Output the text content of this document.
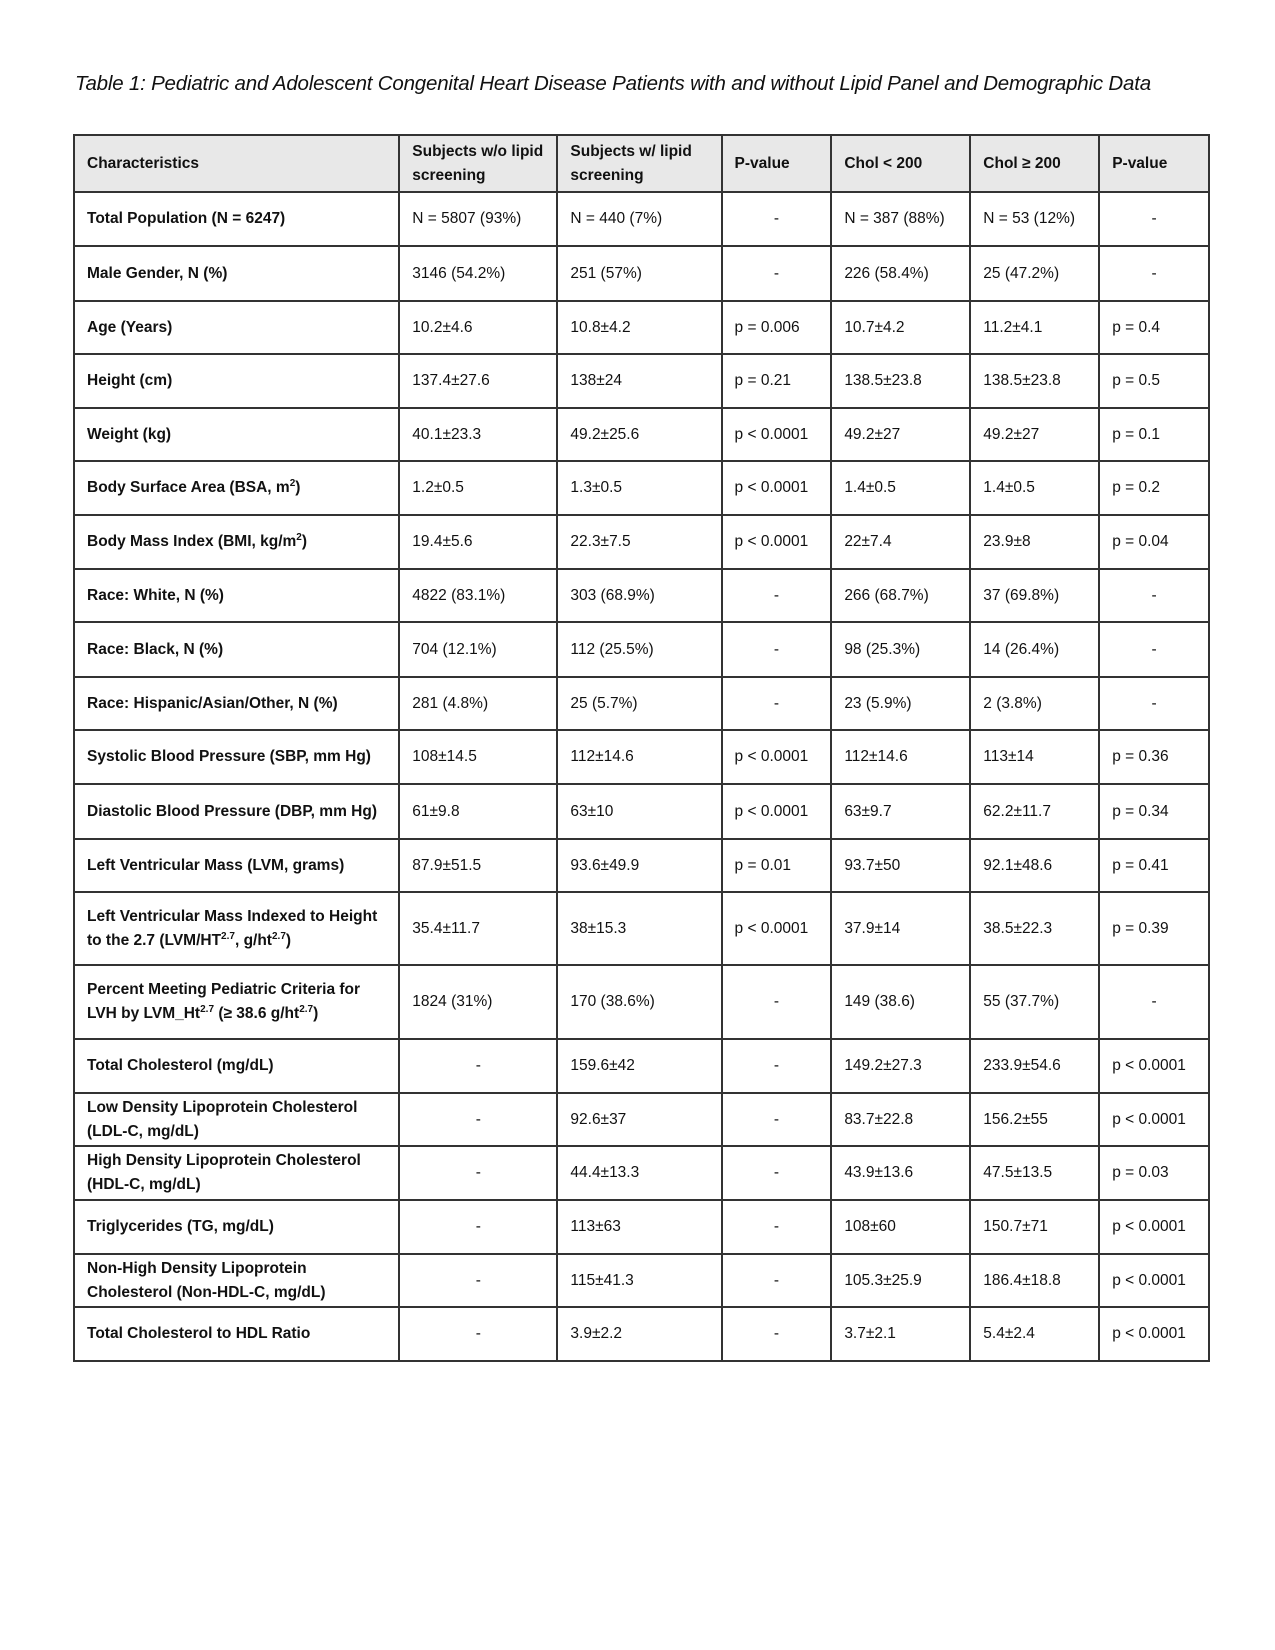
Table 1: Pediatric and Adolescent Congenital Heart Disease Patients with and without Lipid Panel and Demographic Data
Characteristics	Subjects w/o lipid screening	Subjects w/ lipid screening	P-value	Chol < 200	Chol ≥ 200	P-value
Total Population (N = 6247)	N = 5807 (93%)	N = 440 (7%)	-	N = 387 (88%)	N = 53 (12%)	-
Male Gender, N (%)	3146 (54.2%)	251 (57%)	-	226 (58.4%)	25 (47.2%)	-
Age (Years)	10.2±4.6	10.8±4.2	p = 0.006	10.7±4.2	11.2±4.1	p = 0.4
Height (cm)	137.4±27.6	138±24	p = 0.21	138.5±23.8	138.5±23.8	p = 0.5
Weight (kg)	40.1±23.3	49.2±25.6	p < 0.0001	49.2±27	49.2±27	p = 0.1
Body Surface Area (BSA, $m^2$)	1.2±0.5	1.3±0.5	p < 0.0001	1.4±0.5	1.4±0.5	p = 0.2
Body Mass Index (BMI, $kg/m^2$)	19.4±5.6	22.3±7.5	p < 0.0001	22±7.4	23.9±8	p = 0.04
Race: White, N (%)	4822 (83.1%)	303 (68.9%)	-	266 (68.7%)	37 (69.8%)	-
Race: Black, N (%)	704 (12.1%)	112 (25.5%)	-	98 (25.3%)	14 (26.4%)	-
Race: Hispanic/Asian/Other, N (%)	281 (4.8%)	25 (5.7%)	-	23 (5.9%)	2 (3.8%)	-
Systolic Blood Pressure (SBP, mm Hg)	108±14.5	112±14.6	p < 0.0001	112±14.6	113±14	p = 0.36
Diastolic Blood Pressure (DBP, mm Hg)	61±9.8	63±10	p < 0.0001	63±9.7	62.2±11.7	p = 0.34
Left Ventricular Mass (LVM, grams)	87.9±51.5	93.6±49.9	p = 0.01	93.7±50	92.1±48.6	p = 0.41
Left Ventricular Mass Indexed to Height to the 2.7 ($LVM/HT^{2.7}$, $g/ht^{2.7}$)	35.4±11.7	38±15.3	p < 0.0001	37.9±14	38.5±22.3	p = 0.39
Percent Meeting Pediatric Criteria for LVH by $LVM\_Ht^{2.7}$ (≥ 38.6 $g/ht^{2.7}$)	1824 (31%)	170 (38.6%)	-	149 (38.6)	55 (37.7%)	-
Total Cholesterol (mg/dL)	-	159.6±42	-	149.2±27.3	233.9±54.6	p < 0.0001
Low Density Lipoprotein Cholesterol (LDL-C, mg/dL)	-	92.6±37	-	83.7±22.8	156.2±55	p < 0.0001
High Density Lipoprotein Cholesterol (HDL-C, mg/dL)	-	44.4±13.3	-	43.9±13.6	47.5±13.5	p = 0.03
Triglycerides (TG, mg/dL)	-	113±63	-	108±60	150.7±71	p < 0.0001
Non-High Density Lipoprotein Cholesterol (Non-HDL-C, mg/dL)	-	115±41.3	-	105.3±25.9	186.4±18.8	p < 0.0001
Total Cholesterol to HDL Ratio	-	3.9±2.2	-	3.7±2.1	5.4±2.4	p < 0.0001
